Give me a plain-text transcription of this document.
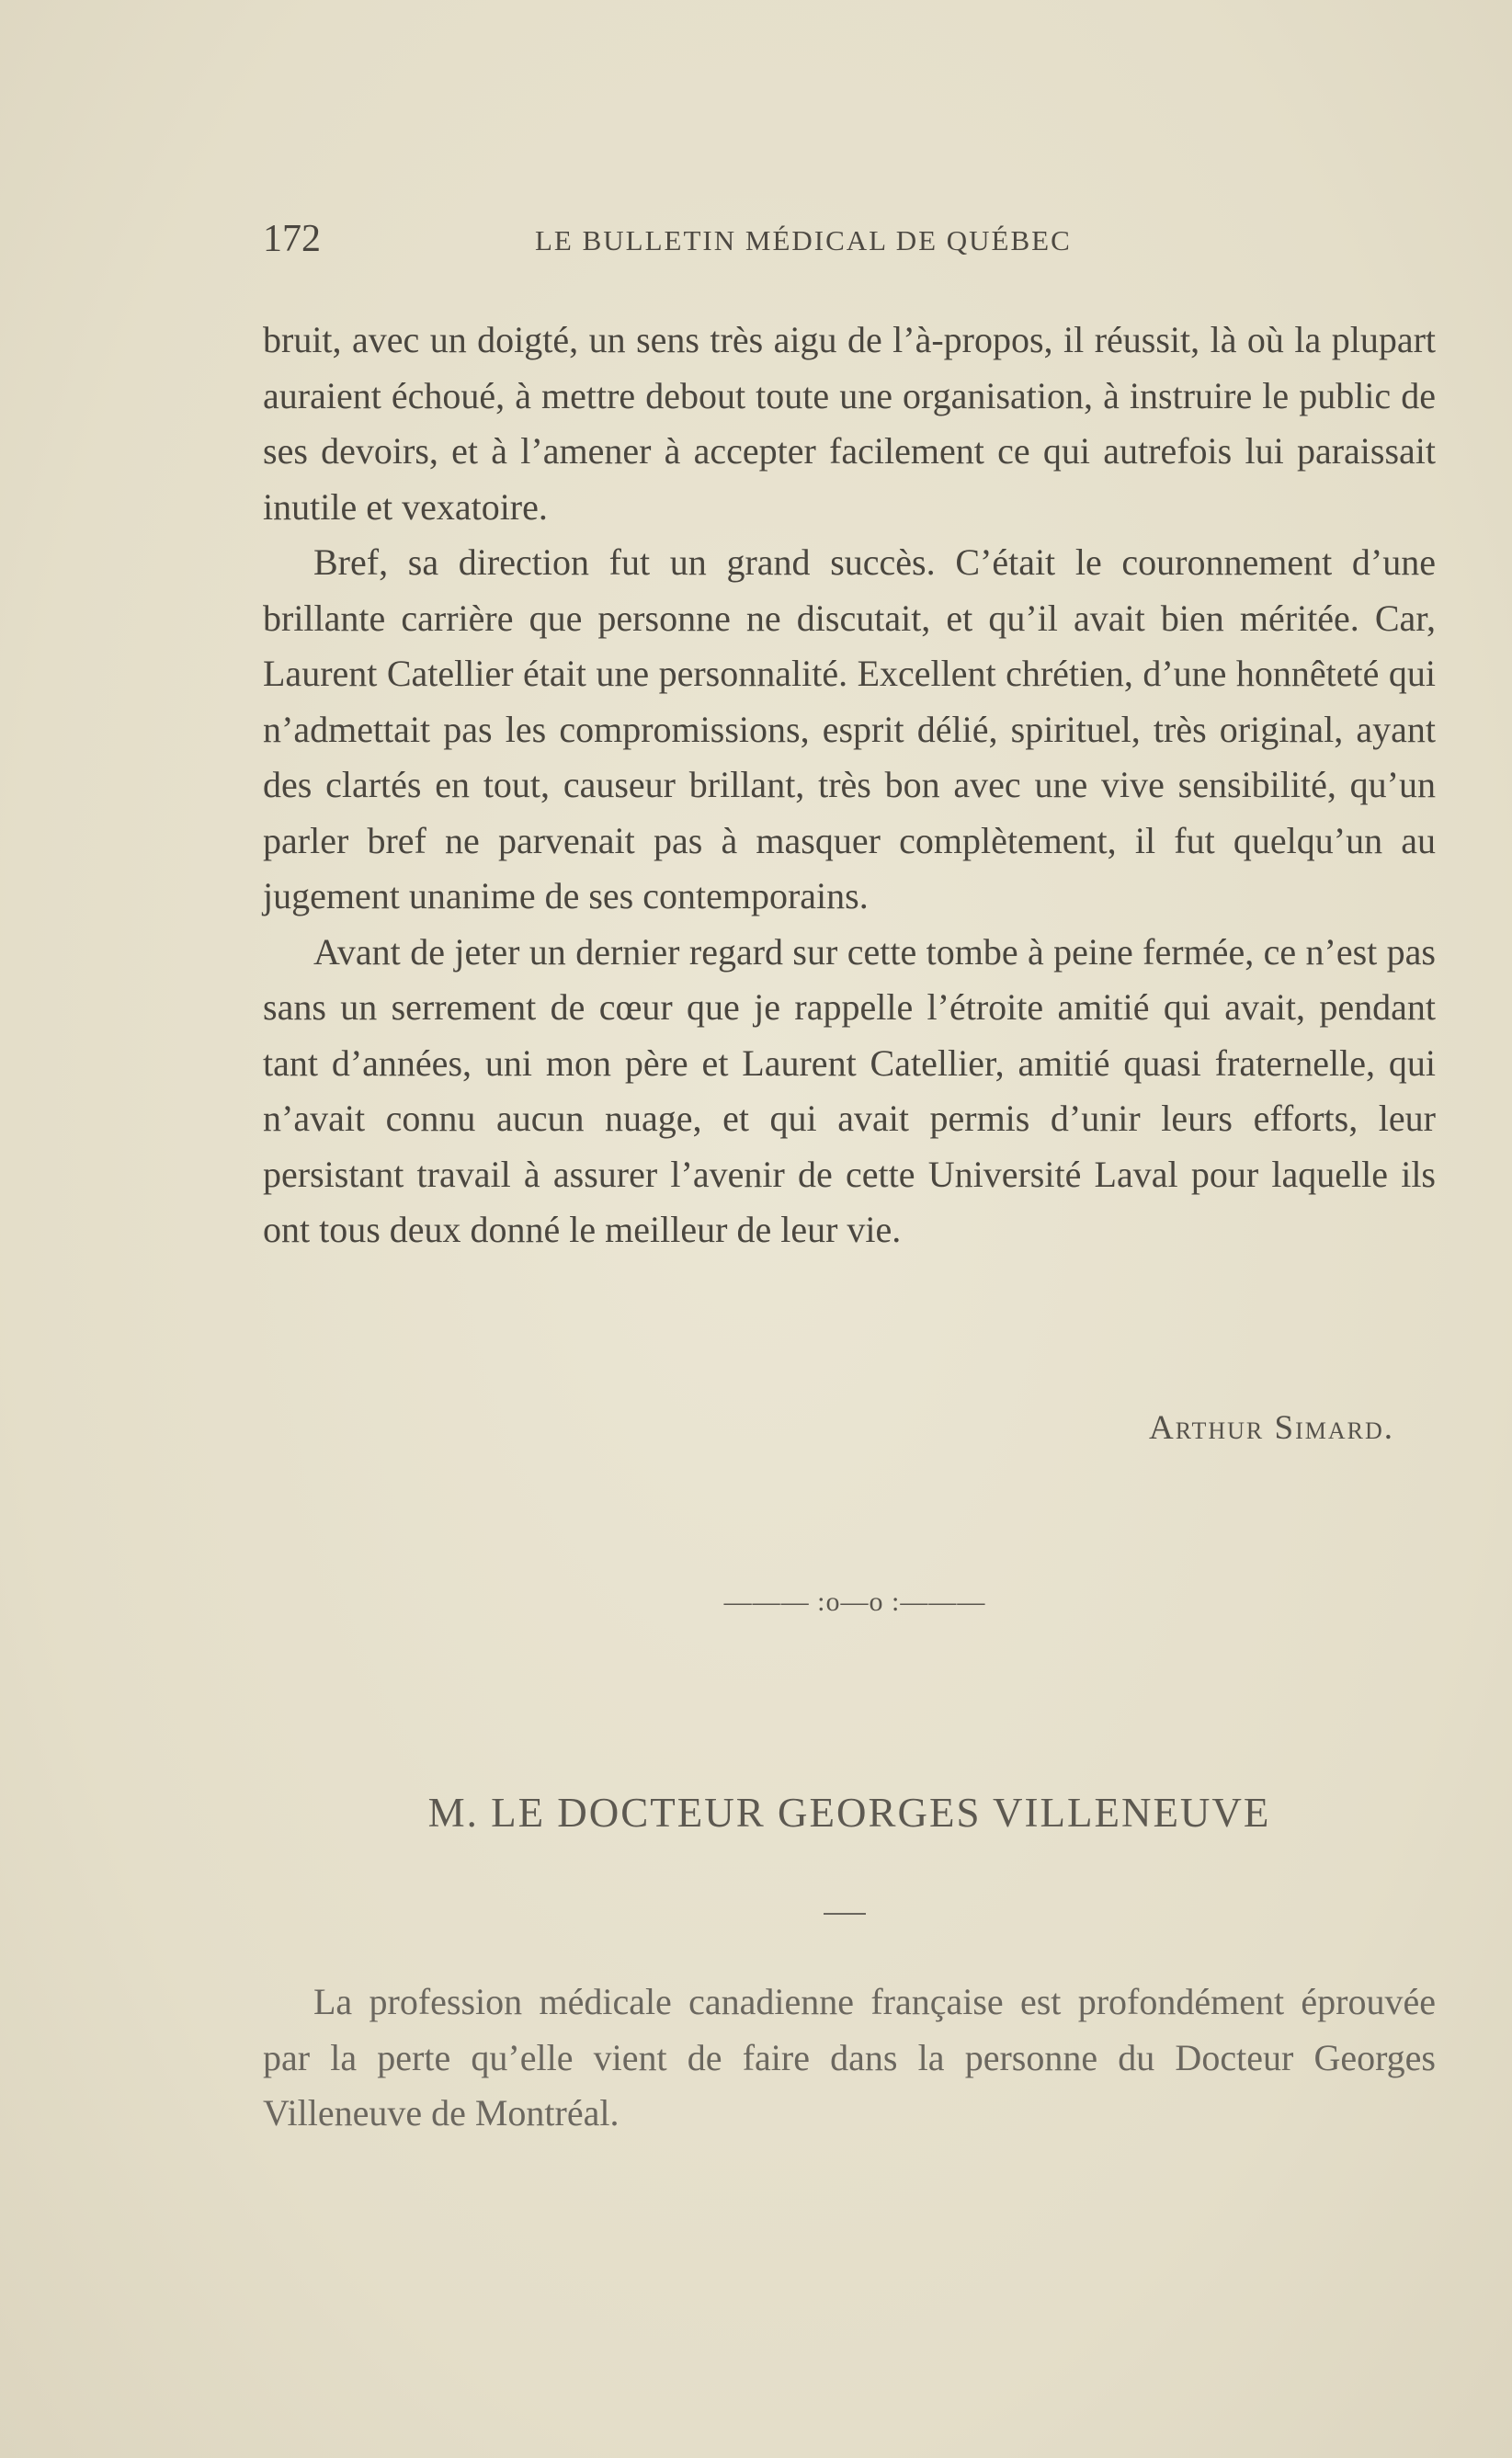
172	LE BULLETIN MÉDICAL DE QUÉBEC

bruit, avec un doigté, un sens très aigu de l’à-propos, il réussit, là où la plupart auraient échoué, à mettre debout toute une organisation, à instruire le public de ses devoirs, et à l’amener à accepter facilement ce qui autrefois lui paraissait inutile et vexatoire.

Bref, sa direction fut un grand succès. C’était le couronnement d’une brillante carrière que personne ne discutait, et qu’il avait bien méritée. Car, Laurent Catellier était une personnalité. Excellent chrétien, d’une honnêteté qui n’admettait pas les compromissions, esprit délié, spirituel, très original, ayant des clartés en tout, causeur brillant, très bon avec une vive sensibilité, qu’un parler bref ne parvenait pas à masquer complètement, il fut quelqu’un au jugement unanime de ses contemporains.

Avant de jeter un dernier regard sur cette tombe à peine fermée, ce n’est pas sans un serrement de cœur que je rappelle l’étroite amitié qui avait, pendant tant d’années, uni mon père et Laurent Catellier, amitié quasi fraternelle, qui n’avait connu aucun nuage, et qui avait permis d’unir leurs efforts, leur persistant travail à assurer l’avenir de cette Université Laval pour laquelle ils ont tous deux donné le meilleur de leur vie.

Arthur Simard.
——— :o—o :———
M. LE DOCTEUR GEORGES VILLENEUVE

La profession médicale canadienne française est profondément éprouvée par la perte qu’elle vient de faire dans la personne du Docteur Georges Villeneuve de Montréal.
